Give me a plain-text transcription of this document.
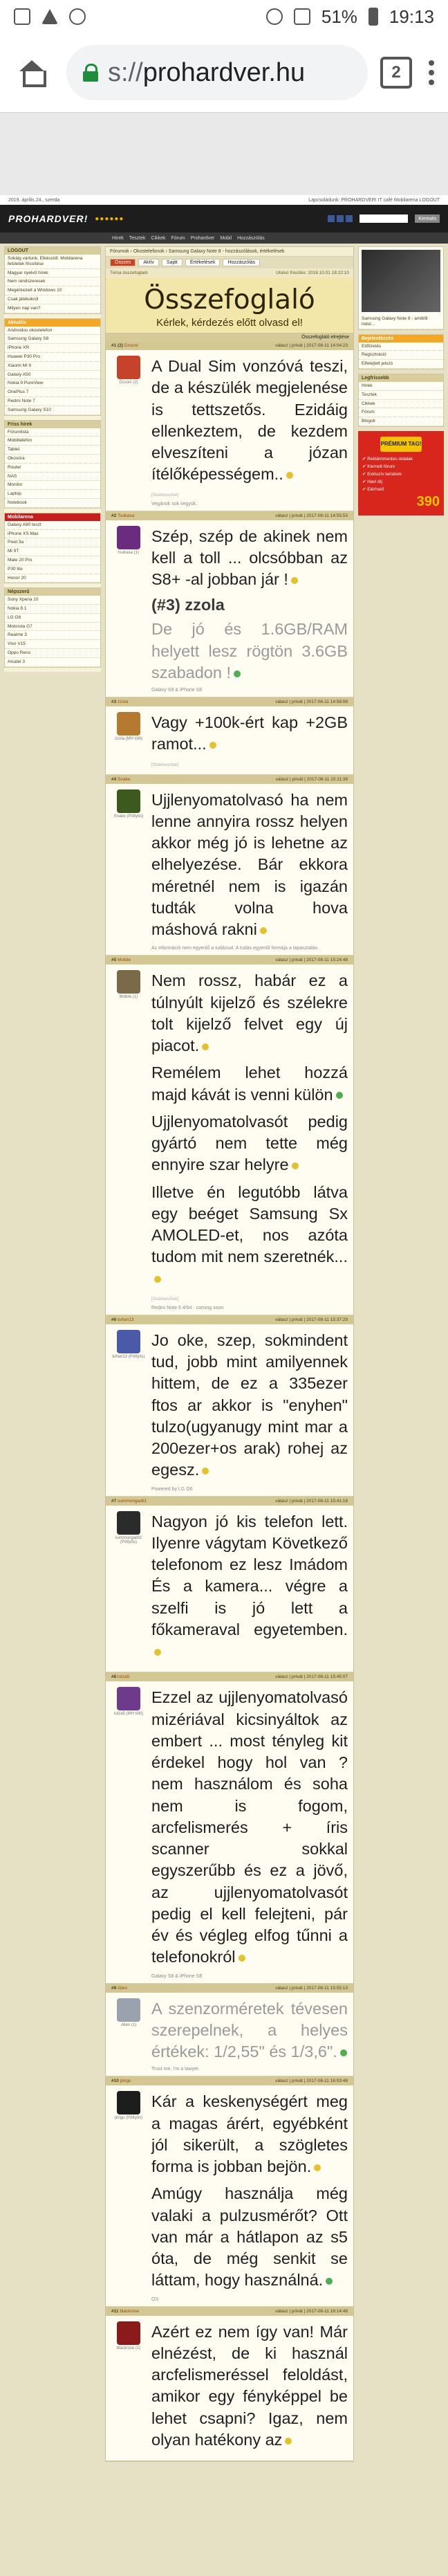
51% 19:13
s://prohardver.hu	2
2019. április 24., szerda	Lapcsoládunk: PROHARDVER! IT café Mobilarena LOGOUT
PROHARDVER! ●●●●●●	Keresés
Hírek Tesztek Cikkek Fórum Prohardver Mobil Hozzászólás
LOGOUT
Sokáig vártunk, Elkészült: Mobilarena felületek frissítése
Magyar nyelvű hírek
Nem rendszeresek
Megérkezett a Windows 10
Csak játékokról
Milyen nap van?
Aktuális
Androidos okostelefon
Samsung Galaxy S8
iPhone XR
Huawei P30 Pro
Xiaomi Mi 9
Galaxy A50
Nokia 9 PureView
OnePlus 7
Redmi Note 7
Samsung Galaxy S10
Friss hírek
Fórumlista
Mobiltelefon
Tablet
Okosóra
Router
NAS
Monitor
Laptop
Notebook
Mobilarena
Galaxy A80 teszt
iPhone XS Max
Pixel 3a
Mi 9T
Mate 20 Pro
P30 lite
Honor 20
Népszerű
Sony Xperia 10
Nokia 8.1
LG G8
Motorola G7
Realme 3
Vivo V15
Oppo Reno
Alcatel 3
Fórumok › Okostelefonok › Samsung Galaxy Note 8 - hozzászólások, értékelések
Összes	Aktív	Saját	Értékelések	Hozzászólás
Téma összefoglaló	Utolsó frissítés: 2018.10.01 18:22:10
Összefoglaló

Kérlek, kérdezés előtt olvasd el!

Összefoglaló elrejtése
#1 (2) Dzsoni	válasz | privát | 2017-08-11 14:04:23
Dzsoni (2)
A Dual Sim vonzóvá teszi, de a készülék megjelenése is tettszetős. Ezidáig ellenkeztem, de kezdem elveszíteni a józan ítélőképességem..
[Szerkesztve]
Vegánok sok vegyük.
#2 Tsubasa	válasz | privát | 2017-08-11 14:55:53
tsubasa (1)
Szép, szép de akinek nem kell a toll ... olcsóbban az S8+ -al jobban jár !
(#3) zzola
De jó és 1.6GB/RAM helyett lesz rögtön 3.6GB szabadon !
Galaxy S9 & iPhone SE
#3 zzola	válasz | privát | 2017-08-11 14:58:08
zzola (MH tölti)
Vagy +100k-ért kap +2GB ramot...
[Szerkesztve]
#4 Snake	válasz | privát | 2017-08-11 15:11:39
Snake (Pöttyös)
Ujjlenyomatolvasó ha nem lenne annyira rossz helyen akkor még jó is lehetne az elhelyezése. Bár ekkora méretnél nem is igazán tudták volna hova máshová rakni
Az információ nem egyenlő a tudással. A tudás egyenlő formája a tapasztalás.
#5 Mobile	válasz | privát | 2017-08-11 15:24:48
Mobile (1)
Nem rossz, habár ez a túlnyúlt kijelző és szélekre tolt kijelző felvet egy új piacot.
Remélem lehet hozzá majd kávát is venni külön
Ujjlenyomatolvasót pedig gyártó nem tette még ennyire szar helyre
Illetve én legutóbb látva egy beéget Samsung Sx AMOLED-et, nos azóta tudom mit nem szeretnék...
[Szerkesztve]
Redmi Note 5 4/64 · coming soon
#6 tuhan13	válasz | privát | 2017-08-11 15:37:29
tuhan13 (Pöttyös)
Jo oke, szep, sokmindent tud, jobb mint amilyennek hittem, de ez a 335ezer ftos ar akkor is "enyhen" tulzo(ugyanugy mint mar a 200ezer+os arak) rohej az egesz.
Powered by LG G6
#7 summongadil1	válasz | privát | 2017-08-11 15:41:18
summongadil1 (Pöttyös)
Nagyon jó kis telefon lett. Ilyenre vágytam Következő telefonom ez lesz Imádom És a kamera... végre a szelfi is jó lett a főkameraval egyetemben.
#8 lutza5	válasz | privát | 2017-08-11 15:45:07
lutza5 (MH tölti)
Ezzel az ujjlenyomatolvasó mizériával kicsinyáltok az embert ... most tényleg kit érdekel hogy hol van ? nem használom és soha nem is fogom, arcfelismerés + íris scanner sokkal egyszerűbb és ez a jövő, az ujjlenyomatolvasót pedig el kell felejteni, pár év és végleg elfog tűnni a telefonokról
Galaxy S8 & iPhone SE
#9 Alien	válasz | privát | 2017-08-11 15:55:13
Alien (1)
A szenzorméretek tévesen szerepelnek, a helyes értékek: 1/2,55" és 1/3,6".
Trust me, I'm a lawyer.
#10 pingu	válasz | privát | 2017-08-11 16:03:48
pingu (Pöttyös)
Kár a keskenységért meg a magas árért, egyébként jól sikerült, a szögletes forma is jobban bejön.
Amúgy használja még valaki a pulzusmérőt? Ott van már a hátlapon az s5 óta, de még senkit se láttam, hogy használná.
OS
#11 blackrose	válasz | privát | 2017-08-11 16:14:48
blackrose (1)
Azért ez nem így van! Már elnézést, de ki használ arcfelismeréssel feloldást, amikor egy fényképpel be lehet csapni? Igaz, nem olyan hatékony az
Samsung Galaxy Note 8 - amiből indul...
Bejelentkezés
Előfizetés
Regisztráció
Elfelejtett jelszó
Legfrissebb
Hírek
Tesztek
Cikkek
Fórum
Blogok
PRÉMIUM TAG!
✔ Reklámmentes oldalak
✔ Kiemelt fórum
✔ Exkluzív tartalom
✔ Havi díj
✔ Elérhető
390
